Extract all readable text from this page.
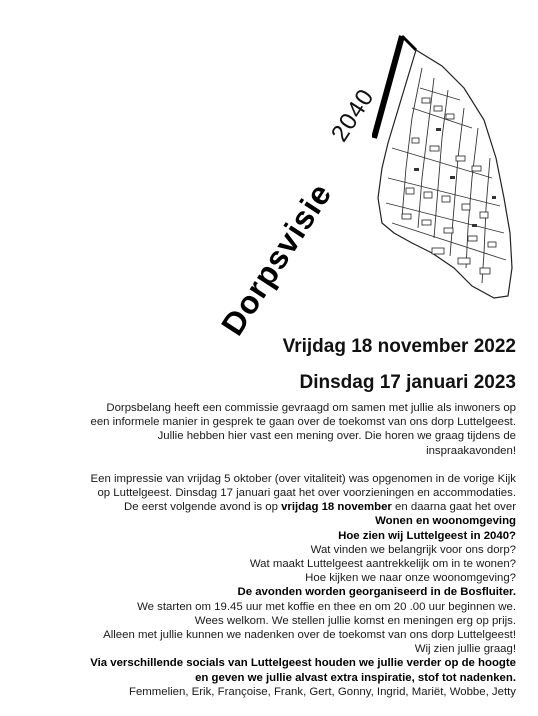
Dorpsvisie
2040
Vrijdag 18 november 2022
Dinsdag 17 januari 2023

Dorpsbelang heeft een commissie gevraagd om samen met jullie als inwoners op

een informele manier in gesprek te gaan over de toekomst van ons dorp Luttelgeest.

Jullie hebben hier vast een mening over. Die horen we graag tijdens de

inspraakavonden!

Een impressie van vrijdag 5 oktober (over vitaliteit) was opgenomen in de vorige Kijk

op Luttelgeest. Dinsdag 17 januari gaat het over voorzieningen en accommodaties.

De eerst volgende avond is op vrijdag 18 november en daarna gaat het over

Wonen en woonomgeving

Hoe zien wij Luttelgeest in 2040?

Wat vinden we belangrijk voor ons dorp?

Wat maakt Luttelgeest aantrekkelijk om in te wonen?

Hoe kijken we naar onze woonomgeving?

De avonden worden georganiseerd in de Bosfluiter.

We starten om 19.45 uur met koffie en thee en om 20 .00 uur beginnen we.

Wees welkom. We stellen jullie komst en meningen erg op prijs.

Alleen met jullie kunnen we nadenken over de toekomst van ons dorp Luttelgeest!

Wij zien jullie graag!

Via verschillende socials van Luttelgeest houden we jullie verder op de hoogte

en geven we jullie alvast extra inspiratie, stof tot nadenken.

Femmelien, Erik, Françoise, Frank, Gert, Gonny, Ingrid, Mariët, Wobbe, Jetty
